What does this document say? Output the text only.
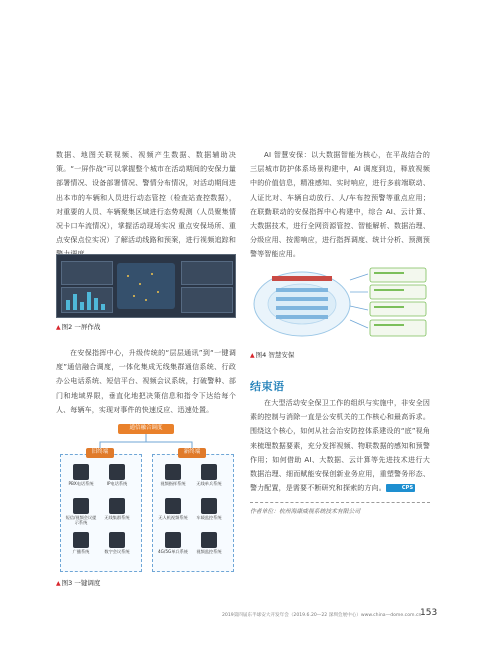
数据、地图关联视频、视频产生数据、数据辅助决策。“一屏作战”可以掌握整个城市在活动期间的安保力量部署情况、设备部署情况、警情分布情况，对活动期间进出本市的车辆和人员进行动态管控（检查站查控数据），对重要的人员、车辆聚集区域进行态势观测（人员聚集情况卡口车流情况），掌握活动现场实况 重点安保场所、重点安保点位实况）了解活动线路和预案，进行视频追踪和

▲图2 一屏作战

在安保指挥中心，升级传统的“层层通讯”到“一键调度”通信融合调度，一体化集成无线集群通信系统、行政办公电话系统、短信平台、视频会议系统，打破警种、部门和地域界限，垂直化地把决策信息和指令下达给每个人、每辆车，实现对事件的快速反应、迅速处置。

通信融合调度
旧终端	新终端
PBX电话系统	IP电话系统
短信/视频会议提示系统
无线集群系统
广播系统	数字会议系统
视频指挥系统	无线单兵系统
无人机视频系统	车载监控系统
4G/5G单兵系统	视频监控系统
▲图3 一键调度

AI 智慧安保：以大数据智能为核心，在平战结合的三层城市防护体系场景构建中，AI 调度到边，释放视频中的价值信息，精准感知、实时响应，进行多前端联动、人证比对、车辆自动放行、人/车布控预警等重点应用；在联勤联动的安保指挥中心构建中，综合 AI、云计算、大数据技术，进行全网资源管控、智能解析、数据治理、分级应用、按需响应，进行指挥调度、统计分析、预测预警等智能应用。

▲图4 智慧安保
结束语

在大型活动安全保卫工作的组织与实施中，非安全因素的控制与消除一直是公安机关的工作核心和最高诉求。围绕这个核心，如何从社会治安防控体系建设的“底”视角来梳理数据要素，充分发挥视频、物联数据的感知和预警作用；如何借助 AI、大数据、云计算等先进技术进行大数据治理、细而赋能安保创新业务应用，重塑警务形态、警力配置，是需要不断研究和探索的方向。	CPS

作者单位：杭州海康威视系统技术有限公司
2019第四届东半球安大开发年会（2019.6.20—22 深圳会展中心）www.china—dome.com.cn
153
